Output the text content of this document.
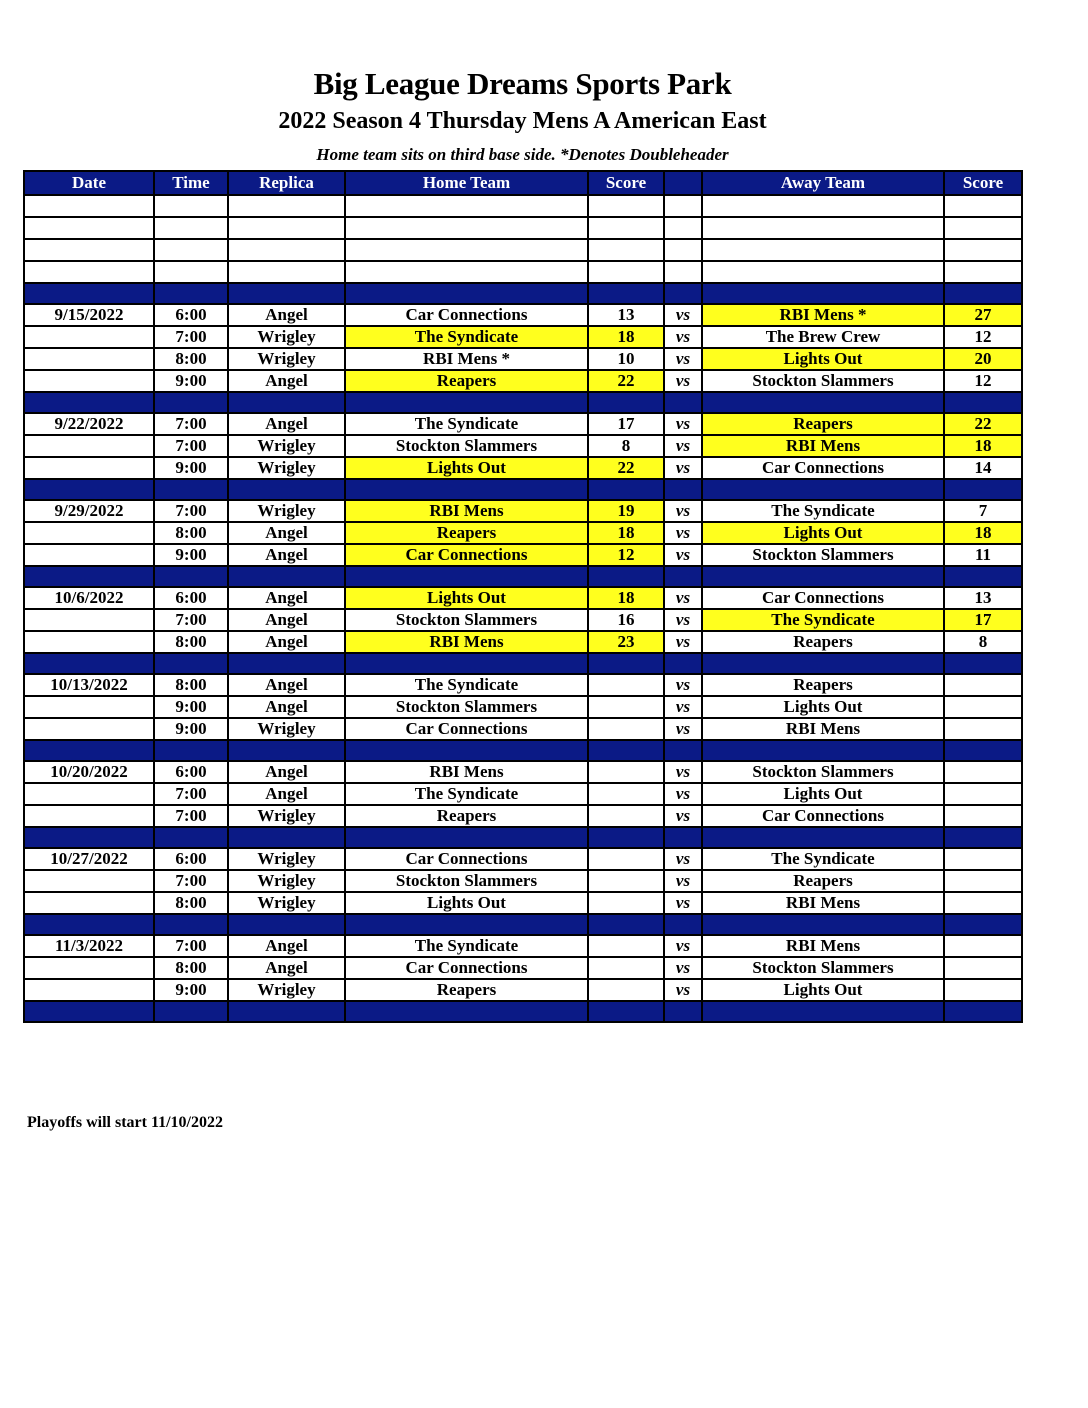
Big League Dreams Sports Park
2022 Season 4 Thursday Mens A American East
Home team sits on third base side. *Denotes Doubleheader
Date	Time	Replica	Home Team	Score		Away Team	Score

9/15/2022	6:00	Angel	Car Connections	13	vs	RBI Mens *	27
	7:00	Wrigley	The Syndicate	18	vs	The Brew Crew	12
	8:00	Wrigley	RBI Mens *	10	vs	Lights Out	20
	9:00	Angel	Reapers	22	vs	Stockton Slammers	12

9/22/2022	7:00	Angel	The Syndicate	17	vs	Reapers	22
	7:00	Wrigley	Stockton Slammers	8	vs	RBI Mens	18
	9:00	Wrigley	Lights Out	22	vs	Car Connections	14

9/29/2022	7:00	Wrigley	RBI Mens	19	vs	The Syndicate	7
	8:00	Angel	Reapers	18	vs	Lights Out	18
	9:00	Angel	Car Connections	12	vs	Stockton Slammers	11

10/6/2022	6:00	Angel	Lights Out	18	vs	Car Connections	13
	7:00	Angel	Stockton Slammers	16	vs	The Syndicate	17
	8:00	Angel	RBI Mens	23	vs	Reapers	8

10/13/2022	8:00	Angel	The Syndicate		vs	Reapers	
	9:00	Angel	Stockton Slammers		vs	Lights Out	
	9:00	Wrigley	Car Connections		vs	RBI Mens	

10/20/2022	6:00	Angel	RBI Mens		vs	Stockton Slammers	
	7:00	Angel	The Syndicate		vs	Lights Out	
	7:00	Wrigley	Reapers		vs	Car Connections	

10/27/2022	6:00	Wrigley	Car Connections		vs	The Syndicate	
	7:00	Wrigley	Stockton Slammers		vs	Reapers	
	8:00	Wrigley	Lights Out		vs	RBI Mens	

11/3/2022	7:00	Angel	The Syndicate		vs	RBI Mens	
	8:00	Angel	Car Connections		vs	Stockton Slammers	
	9:00	Wrigley	Reapers		vs	Lights Out	

Playoffs will start 11/10/2022
